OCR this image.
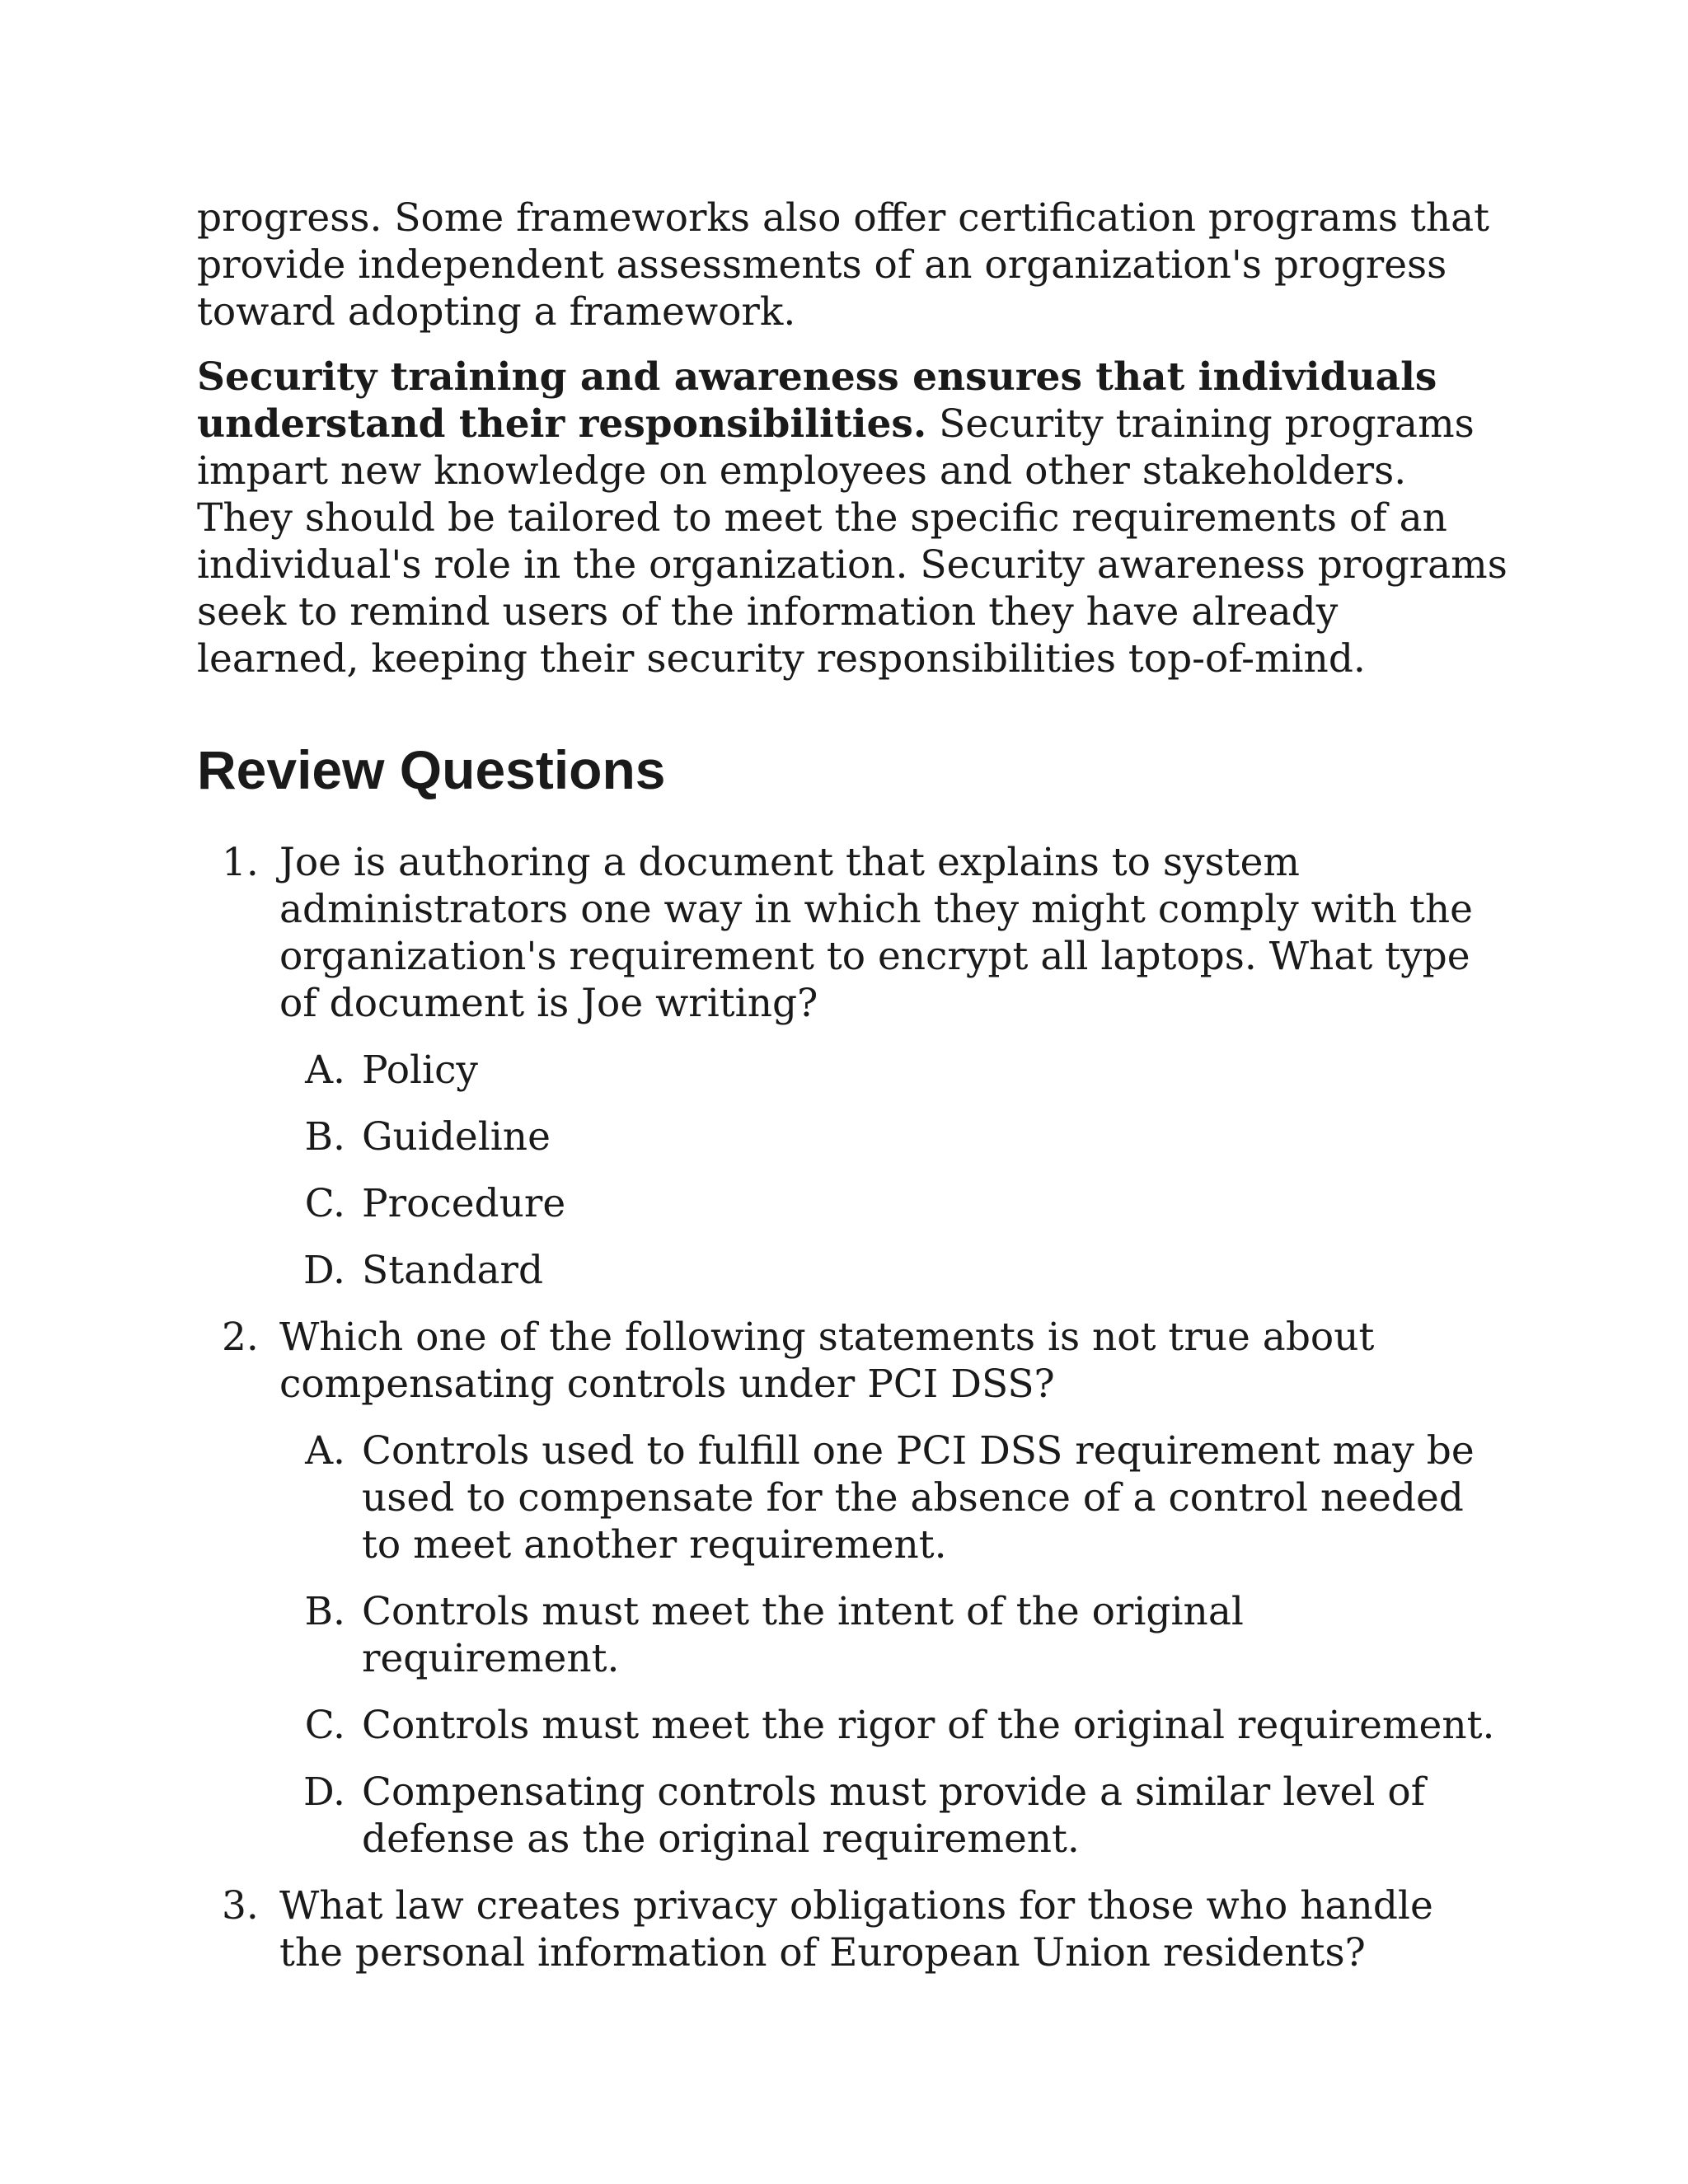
progress. Some frameworks also offer certification programs that provide independent assessments of an organization's progress toward adopting a framework.

Security training and awareness ensures that individuals understand their responsibilities. Security training programs impart new knowledge on employees and other stakeholders. They should be tailored to meet the specific requirements of an individual's role in the organization. Security awareness programs seek to remind users of the information they have already learned, keeping their security responsibilities top-of-mind.

Review Questions
1. Joe is authoring a document that explains to system administrators one way in which they might comply with the organization's requirement to encrypt all laptops. What type of document is Joe writing?
A. Policy
B. Guideline
C. Procedure
D. Standard
2. Which one of the following statements is not true about compensating controls under PCI DSS?
A. Controls used to fulfill one PCI DSS requirement may be used to compensate for the absence of a control needed to meet another requirement.
B. Controls must meet the intent of the original requirement.
C. Controls must meet the rigor of the original requirement.
D. Compensating controls must provide a similar level of defense as the original requirement.
3. What law creates privacy obligations for those who handle the personal information of European Union residents?
